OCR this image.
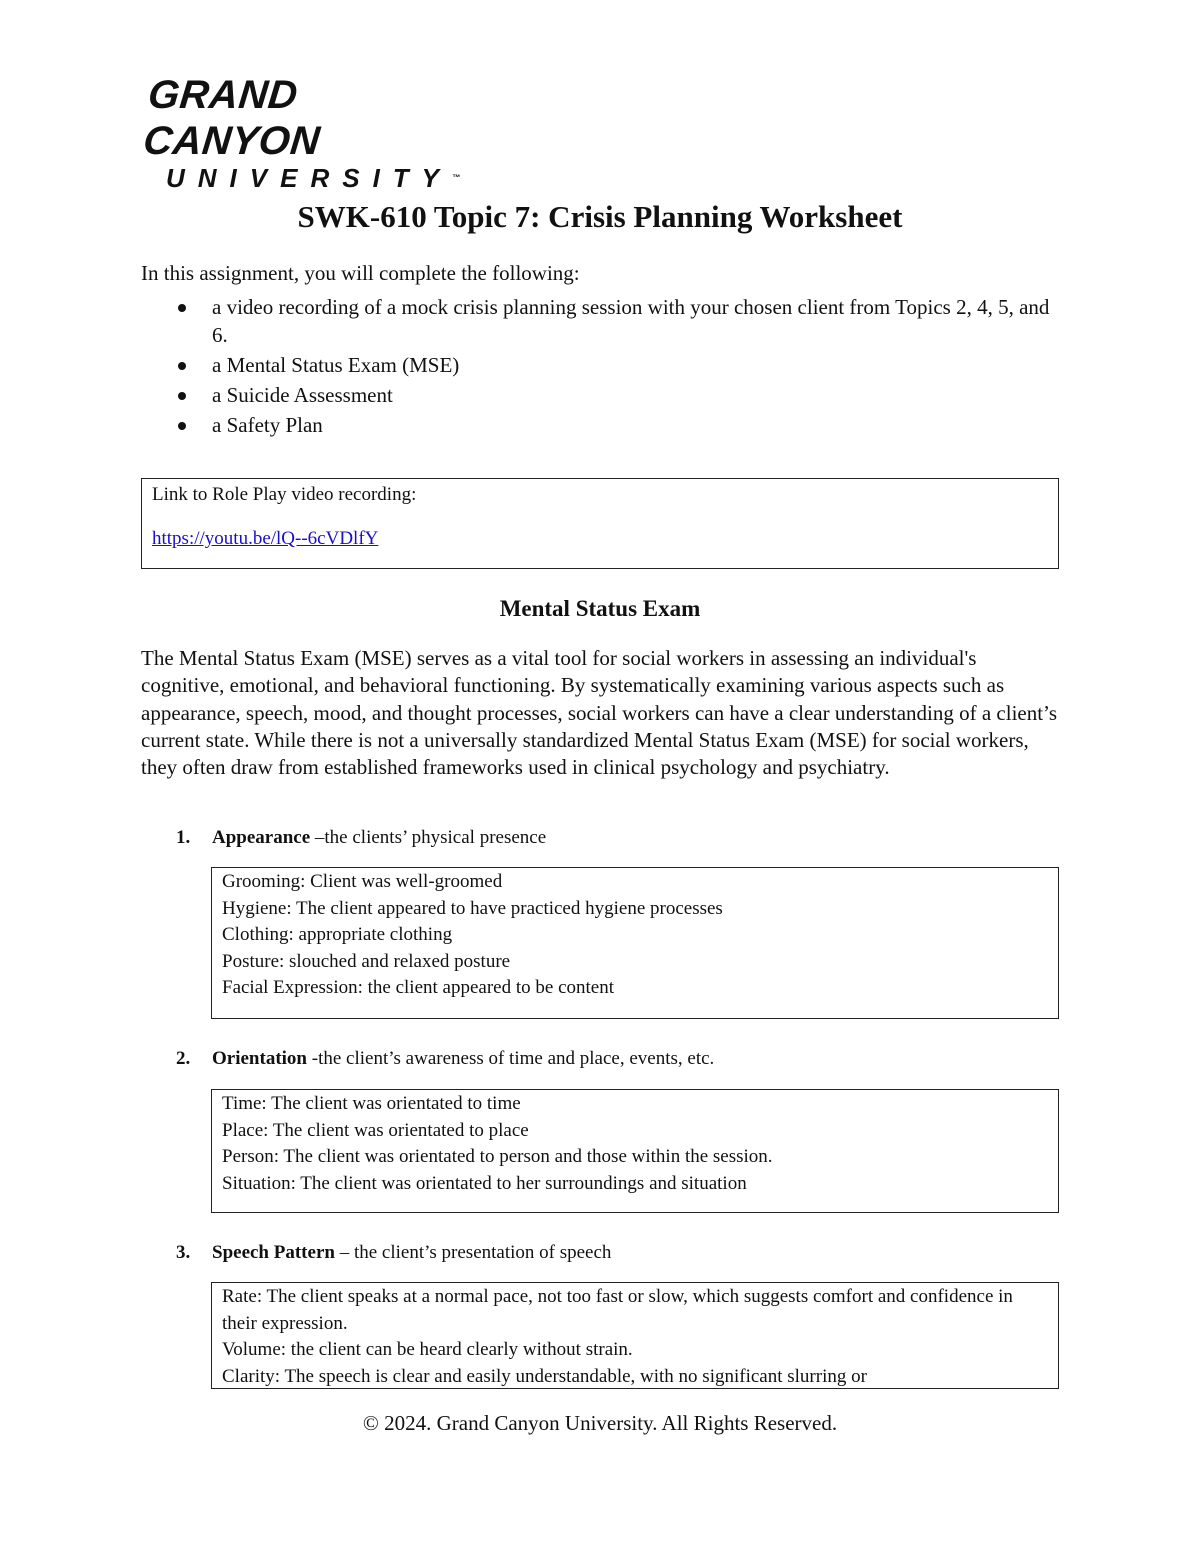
GRAND CANYON
UNIVERSITY™
SWK-610 Topic 7: Crisis Planning Worksheet
In this assignment, you will complete the following:
a video recording of a mock crisis planning session with your chosen client from Topics 2, 4, 5, and 6.
a Mental Status Exam (MSE)
a Suicide Assessment
a Safety Plan
Link to Role Play video recording:
https://youtu.be/lQ--6cVDlfY
Mental Status Exam

The Mental Status Exam (MSE) serves as a vital tool for social workers in assessing an individual's cognitive, emotional, and behavioral functioning. By systematically examining various aspects such as appearance, speech, mood, and thought processes, social workers can have a clear understanding of a client’s current state. While there is not a universally standardized Mental Status Exam (MSE) for social workers, they often draw from established frameworks used in clinical psychology and psychiatry.

1. Appearance –the clients’ physical presence
Grooming: Client was well-groomed
Hygiene: The client appeared to have practiced hygiene processes
Clothing: appropriate clothing
Posture: slouched and relaxed posture
Facial Expression: the client appeared to be content
2. Orientation -the client’s awareness of time and place, events, etc.
Time: The client was orientated to time
Place: The client was orientated to place
Person: The client was orientated to person and those within the session.
Situation: The client was orientated to her surroundings and situation
3. Speech Pattern – the client’s presentation of speech
Rate: The client speaks at a normal pace, not too fast or slow, which suggests comfort and confidence in their expression.
Volume: the client can be heard clearly without strain.
Clarity: The speech is clear and easily understandable, with no significant slurring or
© 2024. Grand Canyon University. All Rights Reserved.
